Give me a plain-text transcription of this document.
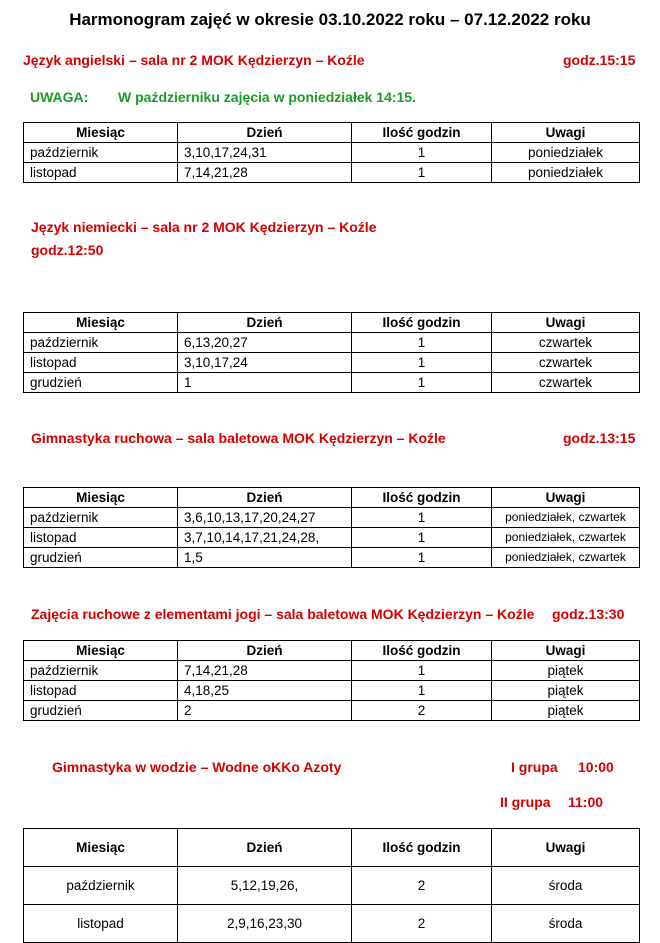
Harmonogram zajęć w okresie 03.10.2022 roku – 07.12.2022 roku
Język angielski – sala nr 2 MOK Kędzierzyn – Koźle	godz.15:15
UWAGA: W październiku zajęcia w poniedziałek 14:15.
Miesiąc	Dzień	Ilość godzin	Uwagi
październik	3,10,17,24,31	1	poniedziałek
listopad	7,14,21,28	1	poniedziałek
Język niemiecki – sala nr 2 MOK Kędzierzyn – Koźle
godz.12:50
Miesiąc	Dzień	Ilość godzin	Uwagi
październik	6,13,20,27	1	czwartek
listopad	3,10,17,24	1	czwartek
grudzień	1	1	czwartek
Gimnastyka ruchowa – sala baletowa MOK Kędzierzyn – Koźle	godz.13:15
Miesiąc	Dzień	Ilość godzin	Uwagi
październik	3,6,10,13,17,20,24,27	1	poniedziałek, czwartek
listopad	3,7,10,14,17,21,24,28,	1	poniedziałek, czwartek
grudzień	1,5	1	poniedziałek, czwartek
Zajęcia ruchowe z elementami jogi – sala baletowa MOK Kędzierzyn – Koźle godz.13:30
Miesiąc	Dzień	Ilość godzin	Uwagi
październik	7,14,21,28	1	piątek
listopad	4,18,25	1	piątek
grudzień	2	2	piątek
Gimnastyka w wodzie – Wodne oKKo Azoty	I grupa 10:00
II grupa 11:00
Miesiąc	Dzień	Ilość godzin	Uwagi
październik	5,12,19,26,	2	środa
listopad	2,9,16,23,30	2	środa
